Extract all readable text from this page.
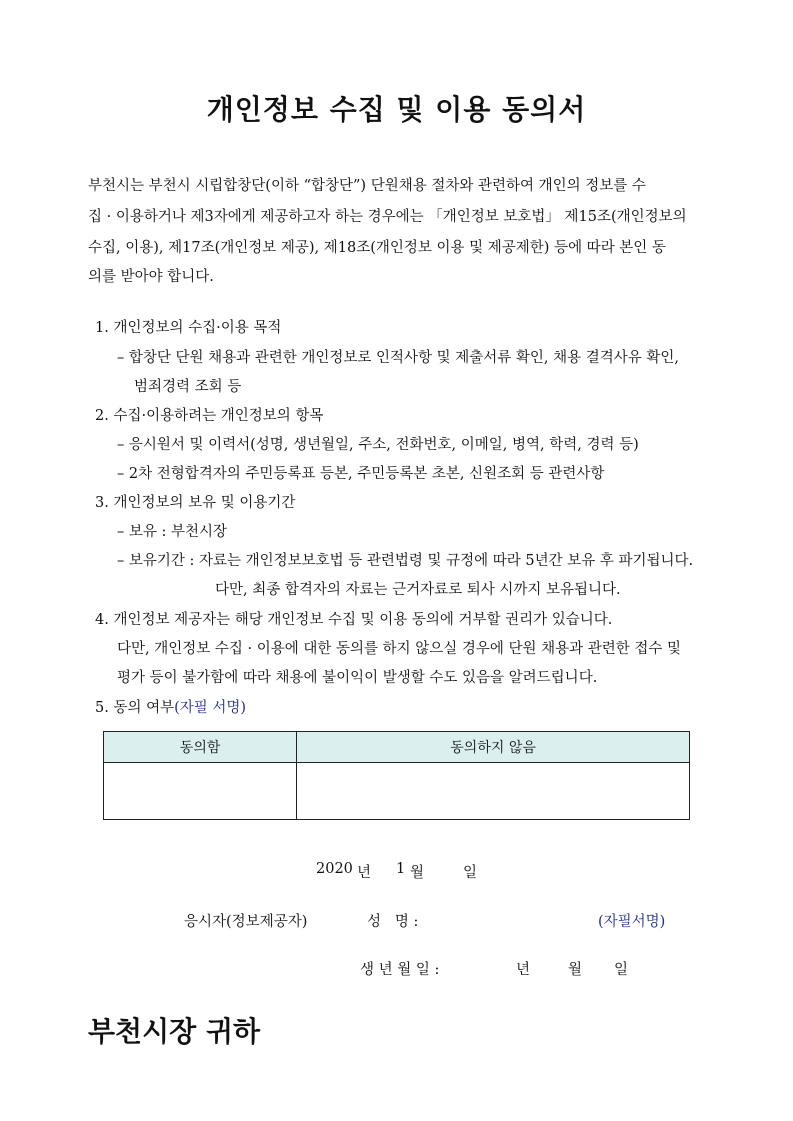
개인정보 수집 및 이용 동의서
부천시는 부천시 시립합창단(이하 “합창단”) 단원채용 절차와 관련하여 개인의 정보를 수
집 · 이용하거나 제3자에게 제공하고자 하는 경우에는 「개인정보 보호법」 제15조(개인정보의
수집, 이용), 제17조(개인정보 제공), 제18조(개인정보 이용 및 제공제한) 등에 따라 본인 동
의를 받아야 합니다.
1. 개인정보의 수집·이용 목적
– 합창단 단원 채용과 관련한 개인정보로 인적사항 및 제출서류 확인, 채용 결격사유 확인,
범죄경력 조회 등
2. 수집·이용하려는 개인정보의 항목
– 응시원서 및 이력서(성명, 생년월일, 주소, 전화번호, 이메일, 병역, 학력, 경력 등)
– 2차 전형합격자의 주민등록표 등본, 주민등록본 초본, 신원조회 등 관련사항
3. 개인정보의 보유 및 이용기간
– 보유 : 부천시장
– 보유기간 : 자료는 개인정보보호법 등 관련법령 및 규정에 따라 5년간 보유 후 파기됩니다.
다만, 최종 합격자의 자료는 근거자료로 퇴사 시까지 보유됩니다.
4. 개인정보 제공자는 해당 개인정보 수집 및 이용 동의에 거부할 권리가 있습니다.
다만, 개인정보 수집 · 이용에 대한 동의를 하지 않으실 경우에 단원 채용과 관련한 접수 및
평가 등이 불가함에 따라 채용에 불이익이 발생할 수도 있음을 알려드립니다.
5. 동의 여부(자필 서명)
동의함	동의하지 않음

2020 년 1 월	일
응시자(정보제공자)	성   명 :	(자필서명)
생 년 월 일 :	년	월 일
부천시장 귀하
